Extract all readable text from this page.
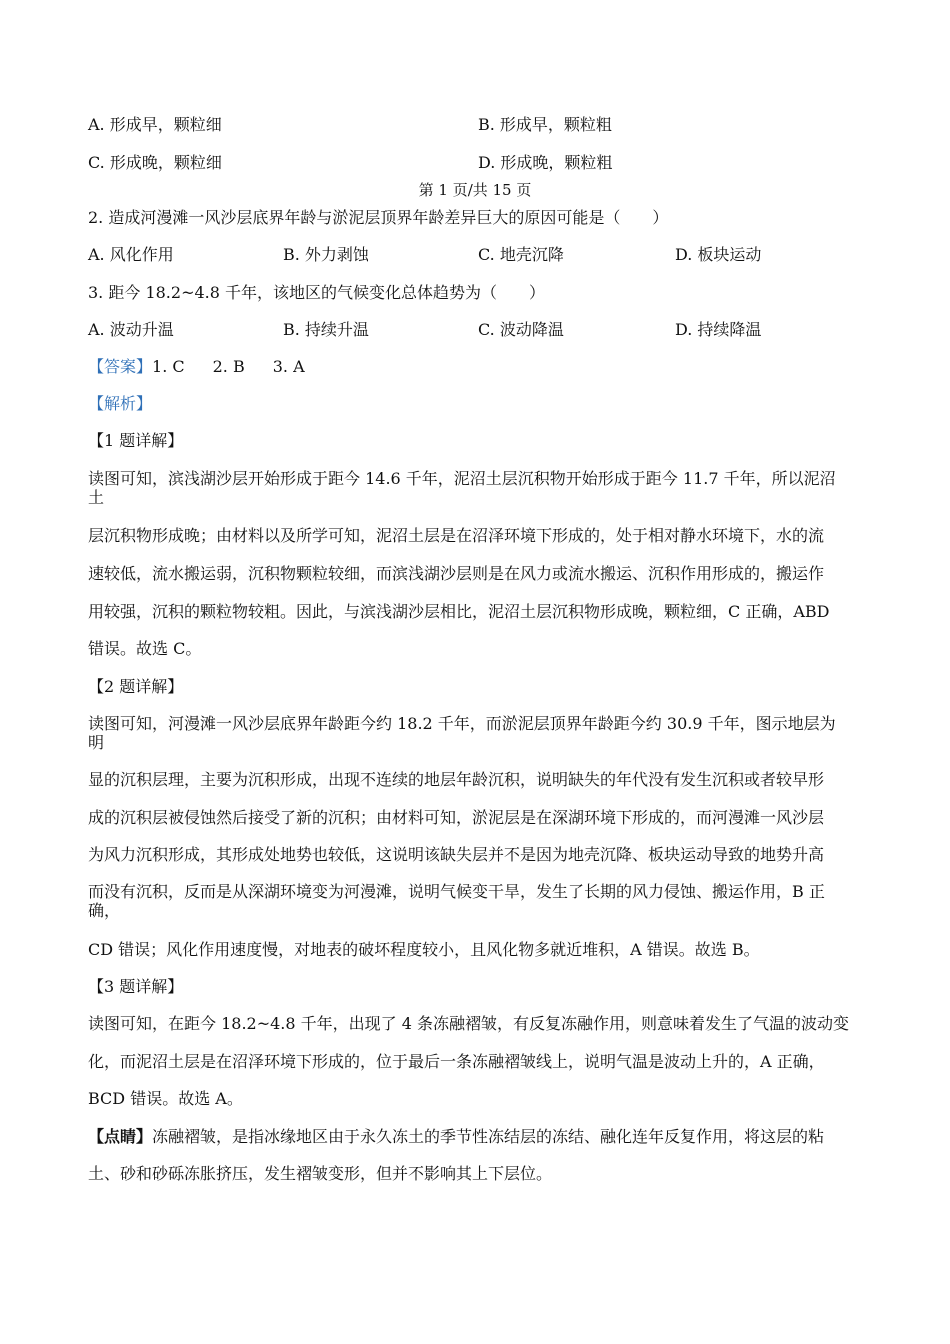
A. 形成早，颗粒细	B. 形成早，颗粒粗
C. 形成晚，颗粒细	D. 形成晚，颗粒粗
第 1 页/共 15 页
2. 造成河漫滩一风沙层底界年龄与淤泥层顶界年龄差异巨大的原因可能是（　　）
A. 风化作用	B. 外力剥蚀	C. 地壳沉降	D. 板块运动
3. 距今 18.2~4.8 千年，该地区的气候变化总体趋势为（　　）
A. 波动升温	B. 持续升温	C. 波动降温	D. 持续降温
【答案】1. C 2. B 3. A
【解析】
【1 题详解】
读图可知，滨浅湖沙层开始形成于距今 14.6 千年，泥沼土层沉积物开始形成于距今 11.7 千年，所以泥沼
土
层沉积物形成晚；由材料以及所学可知，泥沼土层是在沼泽环境下形成的，处于相对静水环境下，水的流
速较低，流水搬运弱，沉积物颗粒较细，而滨浅湖沙层则是在风力或流水搬运、沉积作用形成的，搬运作
用较强，沉积的颗粒物较粗。因此，与滨浅湖沙层相比，泥沼土层沉积物形成晚，颗粒细，C 正确，ABD
错误。故选 C。
【2 题详解】
读图可知，河漫滩一风沙层底界年龄距今约 18.2 千年，而淤泥层顶界年龄距今约 30.9 千年，图示地层为
明
显的沉积层理，主要为沉积形成，出现不连续的地层年龄沉积，说明缺失的年代没有发生沉积或者较早形
成的沉积层被侵蚀然后接受了新的沉积；由材料可知，淤泥层是在深湖环境下形成的，而河漫滩一风沙层
为风力沉积形成，其形成处地势也较低，这说明该缺失层并不是因为地壳沉降、板块运动导致的地势升高
而没有沉积，反而是从深湖环境变为河漫滩，说明气候变干旱，发生了长期的风力侵蚀、搬运作用，B 正
确，
CD 错误；风化作用速度慢，对地表的破坏程度较小，且风化物多就近堆积，A 错误。故选 B。
【3 题详解】
读图可知，在距今 18.2~4.8 千年，出现了 4 条冻融褶皱，有反复冻融作用，则意味着发生了气温的波动变
化，而泥沼土层是在沼泽环境下形成的，位于最后一条冻融褶皱线上，说明气温是波动上升的，A 正确，
BCD 错误。故选 A。
【点睛】冻融褶皱，是指冰缘地区由于永久冻土的季节性冻结层的冻结、融化连年反复作用，将这层的粘
土、砂和砂砾冻胀挤压，发生褶皱变形，但并不影响其上下层位。
